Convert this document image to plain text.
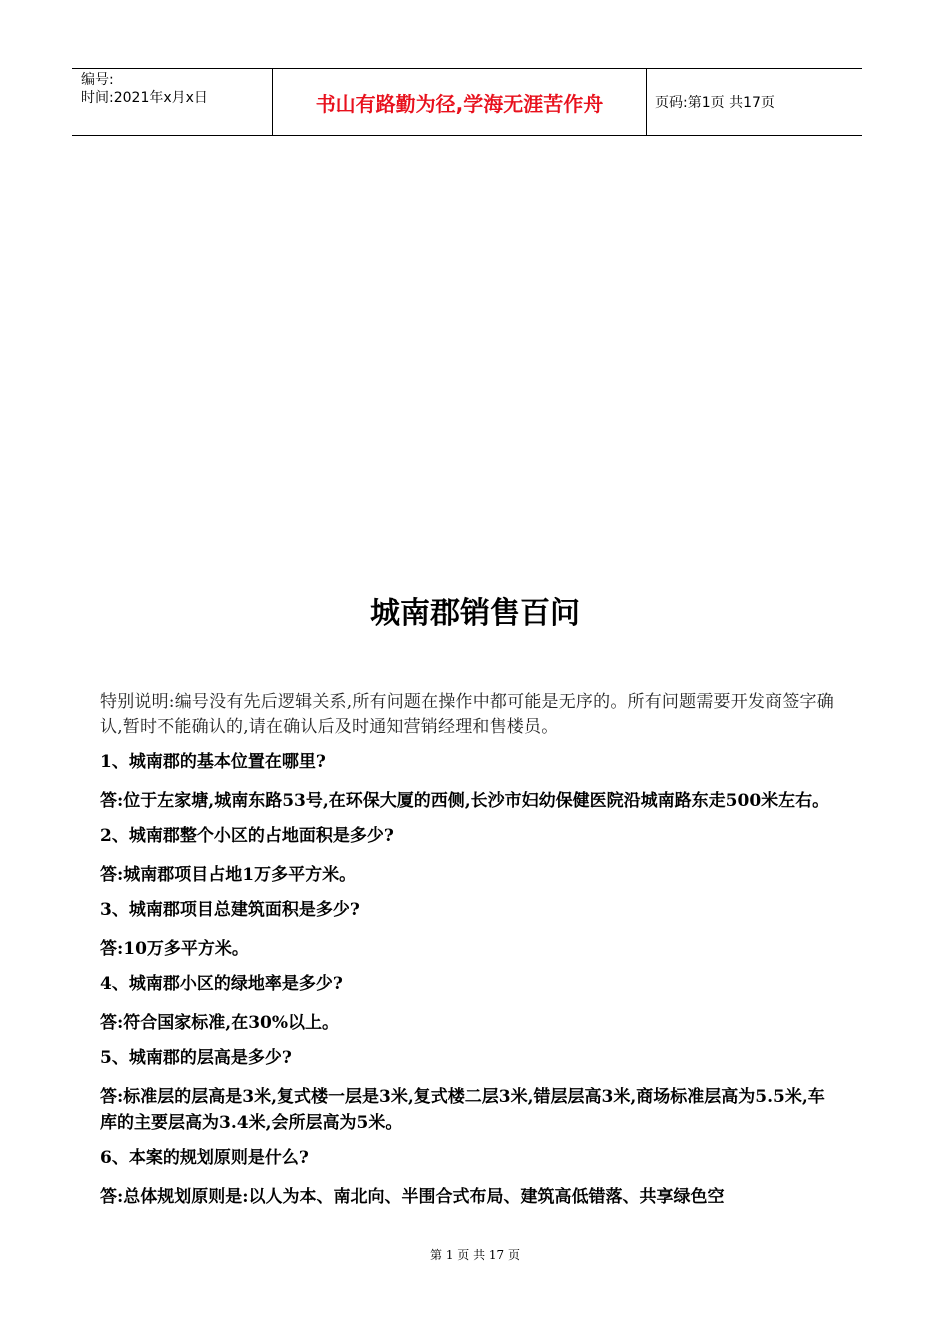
编号:
时间:2021年x月x日	书山有路勤为径,学海无涯苦作舟	页码:第1页 共17页
城南郡销售百问

特别说明:编号没有先后逻辑关系,所有问题在操作中都可能是无序的。所有问题需要开发商签字确认,暂时不能确认的,请在确认后及时通知营销经理和售楼员。

1、城南郡的基本位置在哪里?

答:位于左家塘,城南东路53号,在环保大厦的西侧,长沙市妇幼保健医院沿城南路东走500米左右。

2、城南郡整个小区的占地面积是多少?

答:城南郡项目占地1万多平方米。

3、城南郡项目总建筑面积是多少?

答:10万多平方米。

4、城南郡小区的绿地率是多少?

答:符合国家标准,在30%以上。

5、城南郡的层高是多少?

答:标准层的层高是3米,复式楼一层是3米,复式楼二层3米,错层层高3米,商场标准层高为5.5米,车库的主要层高为3.4米,会所层高为5米。

6、本案的规划原则是什么?

答:总体规划原则是:以人为本、南北向、半围合式布局、建筑高低错落、共享绿色空

第 1 页 共 17 页
